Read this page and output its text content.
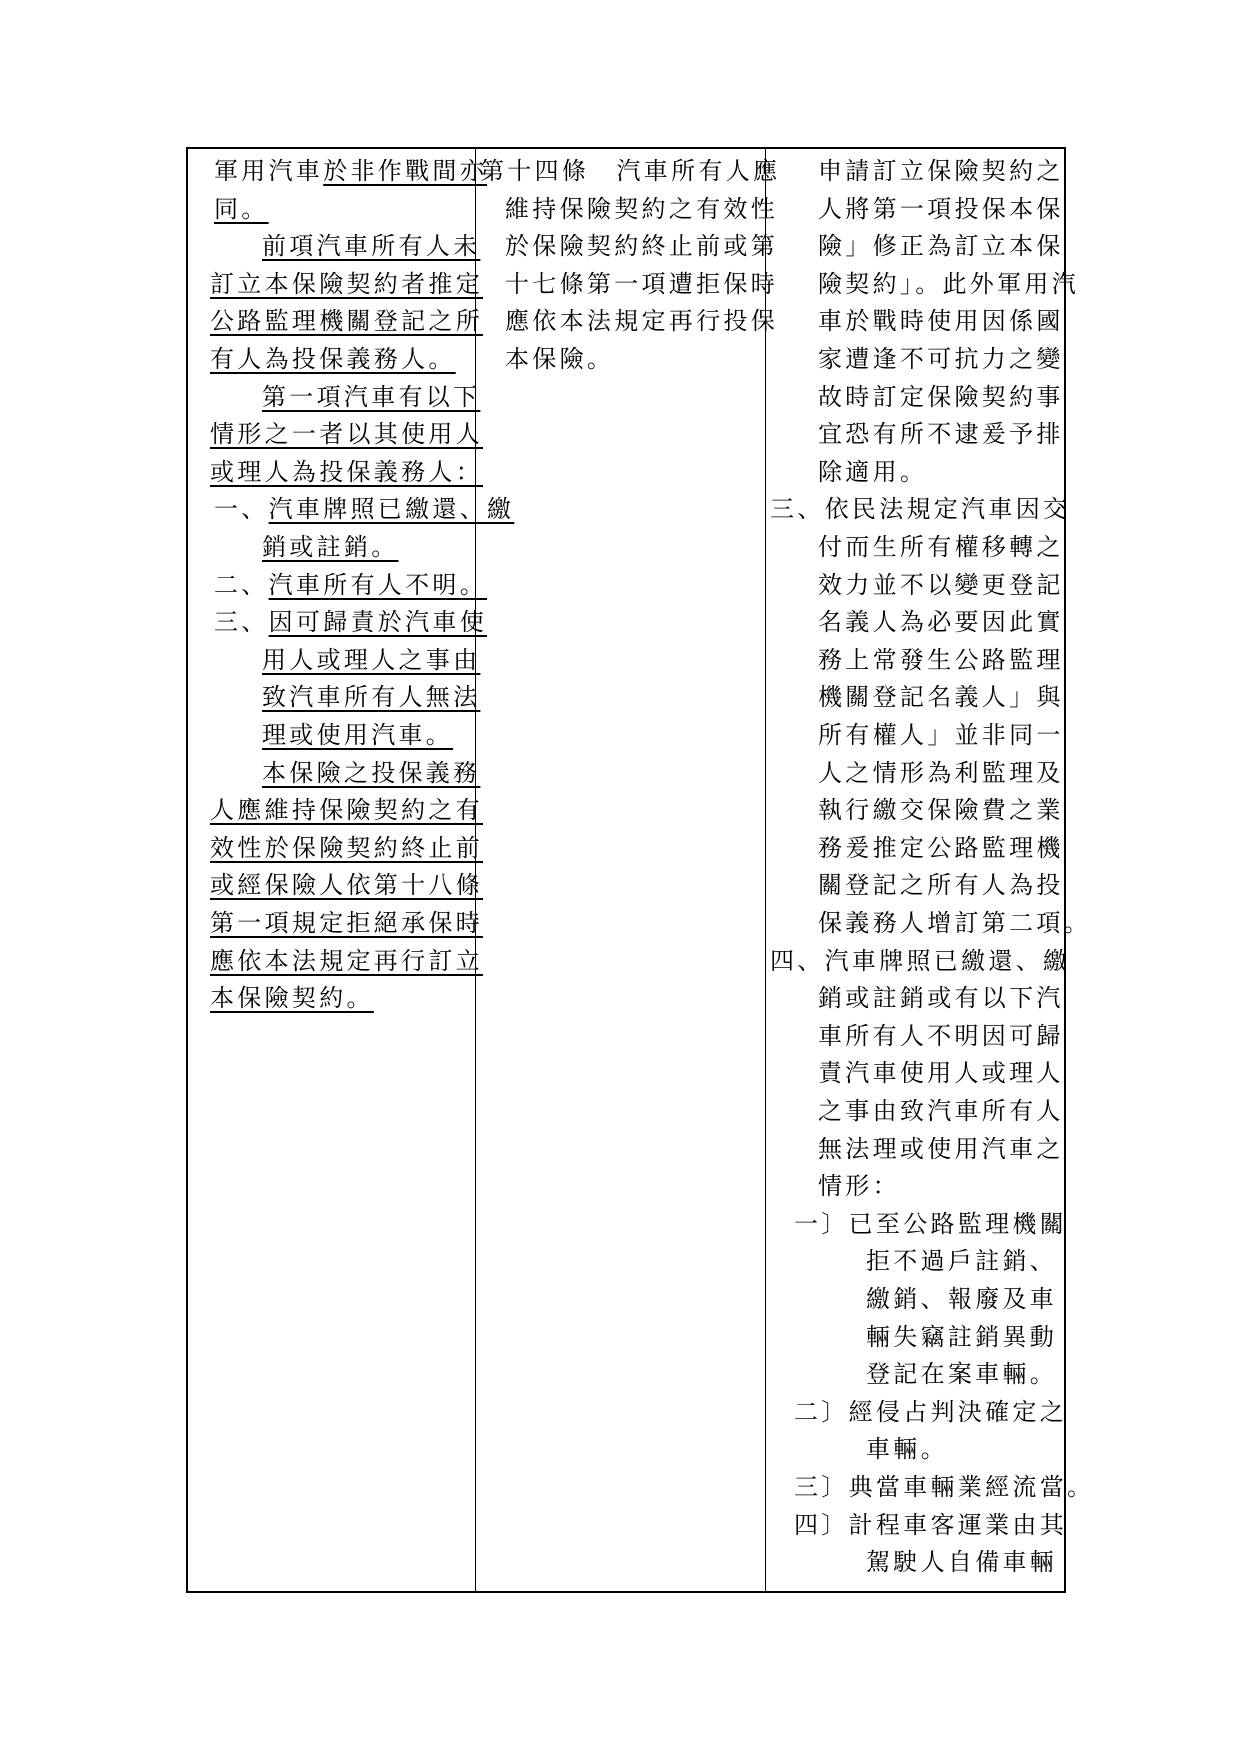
軍用汽車於非作戰間亦
同。
前項汽車所有人未
訂立本保險契約者推定
公路監理機關登記之所
有人為投保義務人。
第一項汽車有以下
情形之一者以其使用人
或理人為投保義務人：
一、汽車牌照已繳還、繳
銷或註銷。
二、汽車所有人不明。
三、因可歸責於汽車使
用人或理人之事由
致汽車所有人無法
理或使用汽車。
本保險之投保義務
人應維持保險契約之有
效性於保險契約終止前
或經保險人依第十八條
第一項規定拒絕承保時
應依本法規定再行訂立
本保險契約。
第十四條　汽車所有人應
維持保險契約之有效性
於保險契約終止前或第
十七條第一項遭拒保時
應依本法規定再行投保
本保險。
申請訂立保險契約之
人將第一項投保本保
險」修正為訂立本保
險契約」。此外軍用汽
車於戰時使用因係國
家遭逢不可抗力之變
故時訂定保險契約事
宜恐有所不逮爰予排
除適用。
三、依民法規定汽車因交
付而生所有權移轉之
效力並不以變更登記
名義人為必要因此實
務上常發生公路監理
機關登記名義人」與
所有權人」並非同一
人之情形為利監理及
執行繳交保險費之業
務爰推定公路監理機
關登記之所有人為投
保義務人增訂第二項。
四、汽車牌照已繳還、繳
銷或註銷或有以下汽
車所有人不明因可歸
責汽車使用人或理人
之事由致汽車所有人
無法理或使用汽車之
情形：
一〕已至公路監理機關
拒不過戶註銷、
繳銷、報廢及車
輛失竊註銷異動
登記在案車輛。
二〕經侵占判決確定之
車輛。
三〕典當車輛業經流當。
四〕計程車客運業由其
駕駛人自備車輛
